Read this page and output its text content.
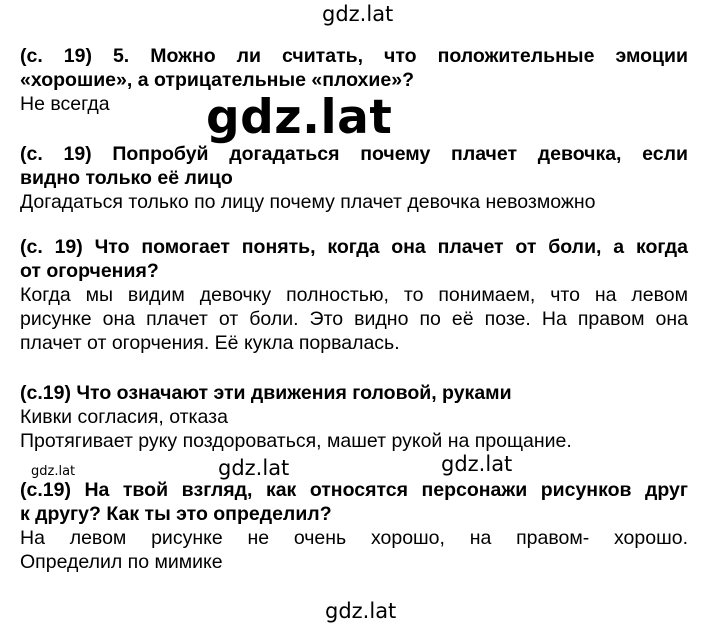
gdz.lat

(с. 19) 5. Можно ли считать, что положительные эмоции

«хорошие», а отрицательные «плохие»?

Не всегда

(с. 19) Попробуй догадаться почему плачет девочка, если

видно только её лицо

Догадаться только по лицу почему плачет девочка невозможно

(с. 19) Что помогает понять, когда она плачет от боли, а когда

от огорчения?

Когда мы видим девочку полностью, то понимаем, что на левом

рисунке она плачет от боли. Это видно по её позе. На правом она

плачет от огорчения. Её кукла порвалась.

(с.19) Что означают эти движения головой, руками

Кивки согласия, отказа

Протягивает руку поздороваться, машет рукой на прощание.

(с.19) На твой взгляд, как относятся персонажи рисунков друг

к другу? Как ты это определил?

На левом рисунке не очень хорошо, на правом- хорошо.

Определил по мимике

gdz.lat
gdz.lat	gdz.lat	gdz.lat
gdz.lat
